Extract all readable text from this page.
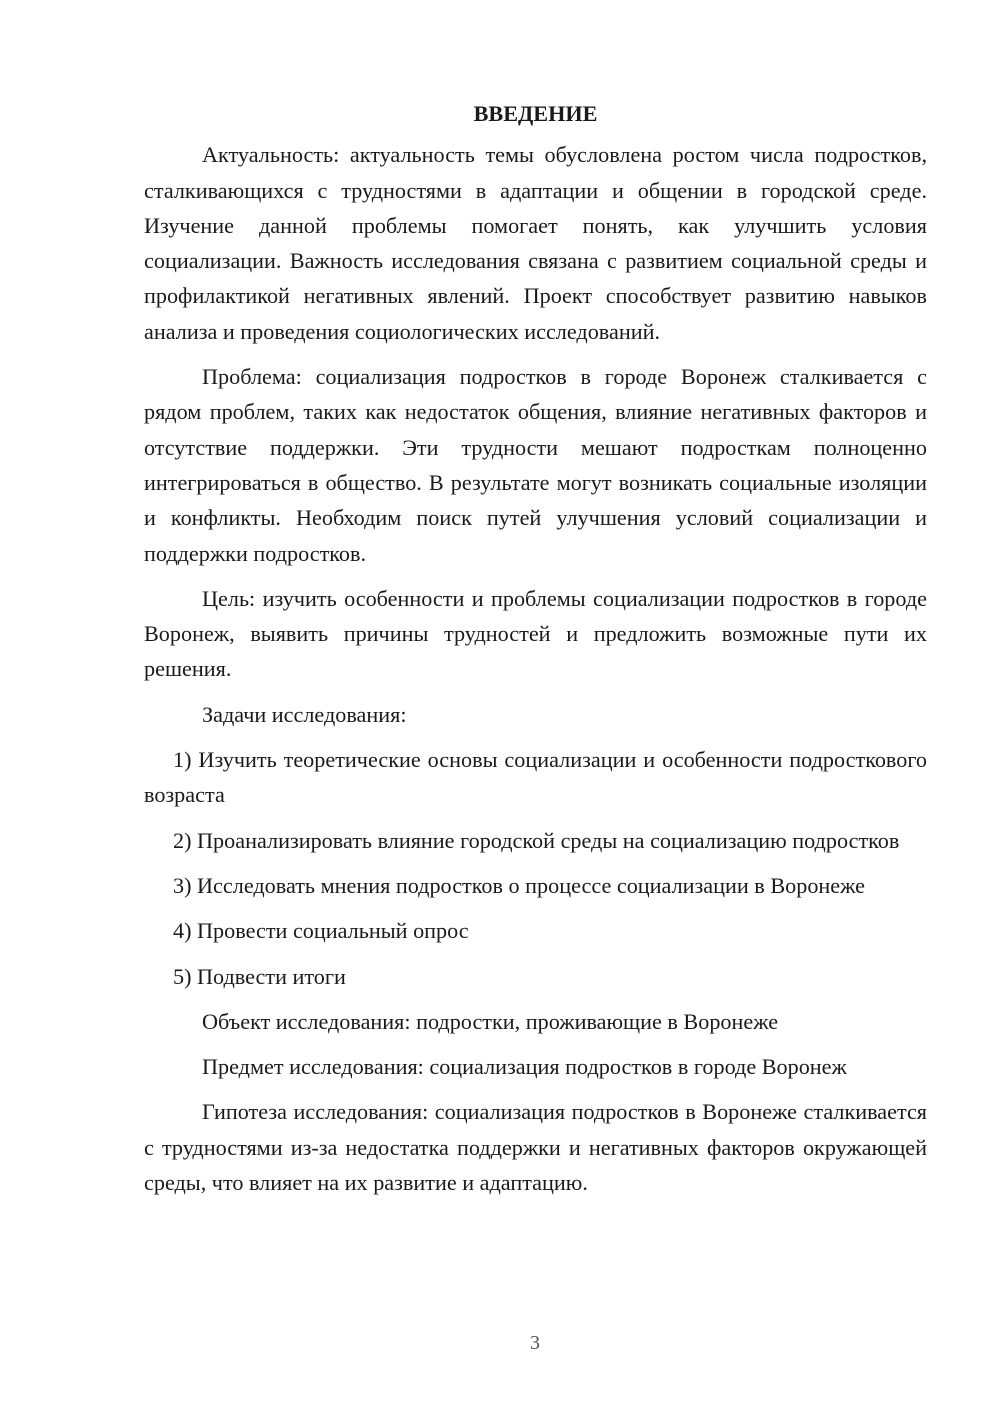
ВВЕДЕНИЕ

Актуальность: актуальность темы обусловлена ростом числа подростков, сталкивающихся с трудностями в адаптации и общении в городской среде. Изучение данной проблемы помогает понять, как улучшить условия социализации. Важность исследования связана с развитием социальной среды и профилактикой негативных явлений. Проект способствует развитию навыков анализа и проведения социологических исследований.

Проблема: социализация подростков в городе Воронеж сталкивается с рядом проблем, таких как недостаток общения, влияние негативных факторов и отсутствие поддержки. Эти трудности мешают подросткам полноценно интегрироваться в общество. В результате могут возникать социальные изоляции и конфликты. Необходим поиск путей улучшения условий социализации и поддержки подростков.

Цель: изучить особенности и проблемы социализации подростков в городе Воронеж, выявить причины трудностей и предложить возможные пути их решения.

Задачи исследования:

1) Изучить теоретические основы социализации и особенности подросткового возраста

2) Проанализировать влияние городской среды на социализацию подростков

3) Исследовать мнения подростков о процессе социализации в Воронеже

4) Провести социальный опрос

5) Подвести итоги

Объект исследования: подростки, проживающие в Воронеже

Предмет исследования: социализация подростков в городе Воронеж

Гипотеза исследования: социализация подростков в Воронеже сталкивается с трудностями из-за недостатка поддержки и негативных факторов окружающей среды, что влияет на их развитие и адаптацию.

3
